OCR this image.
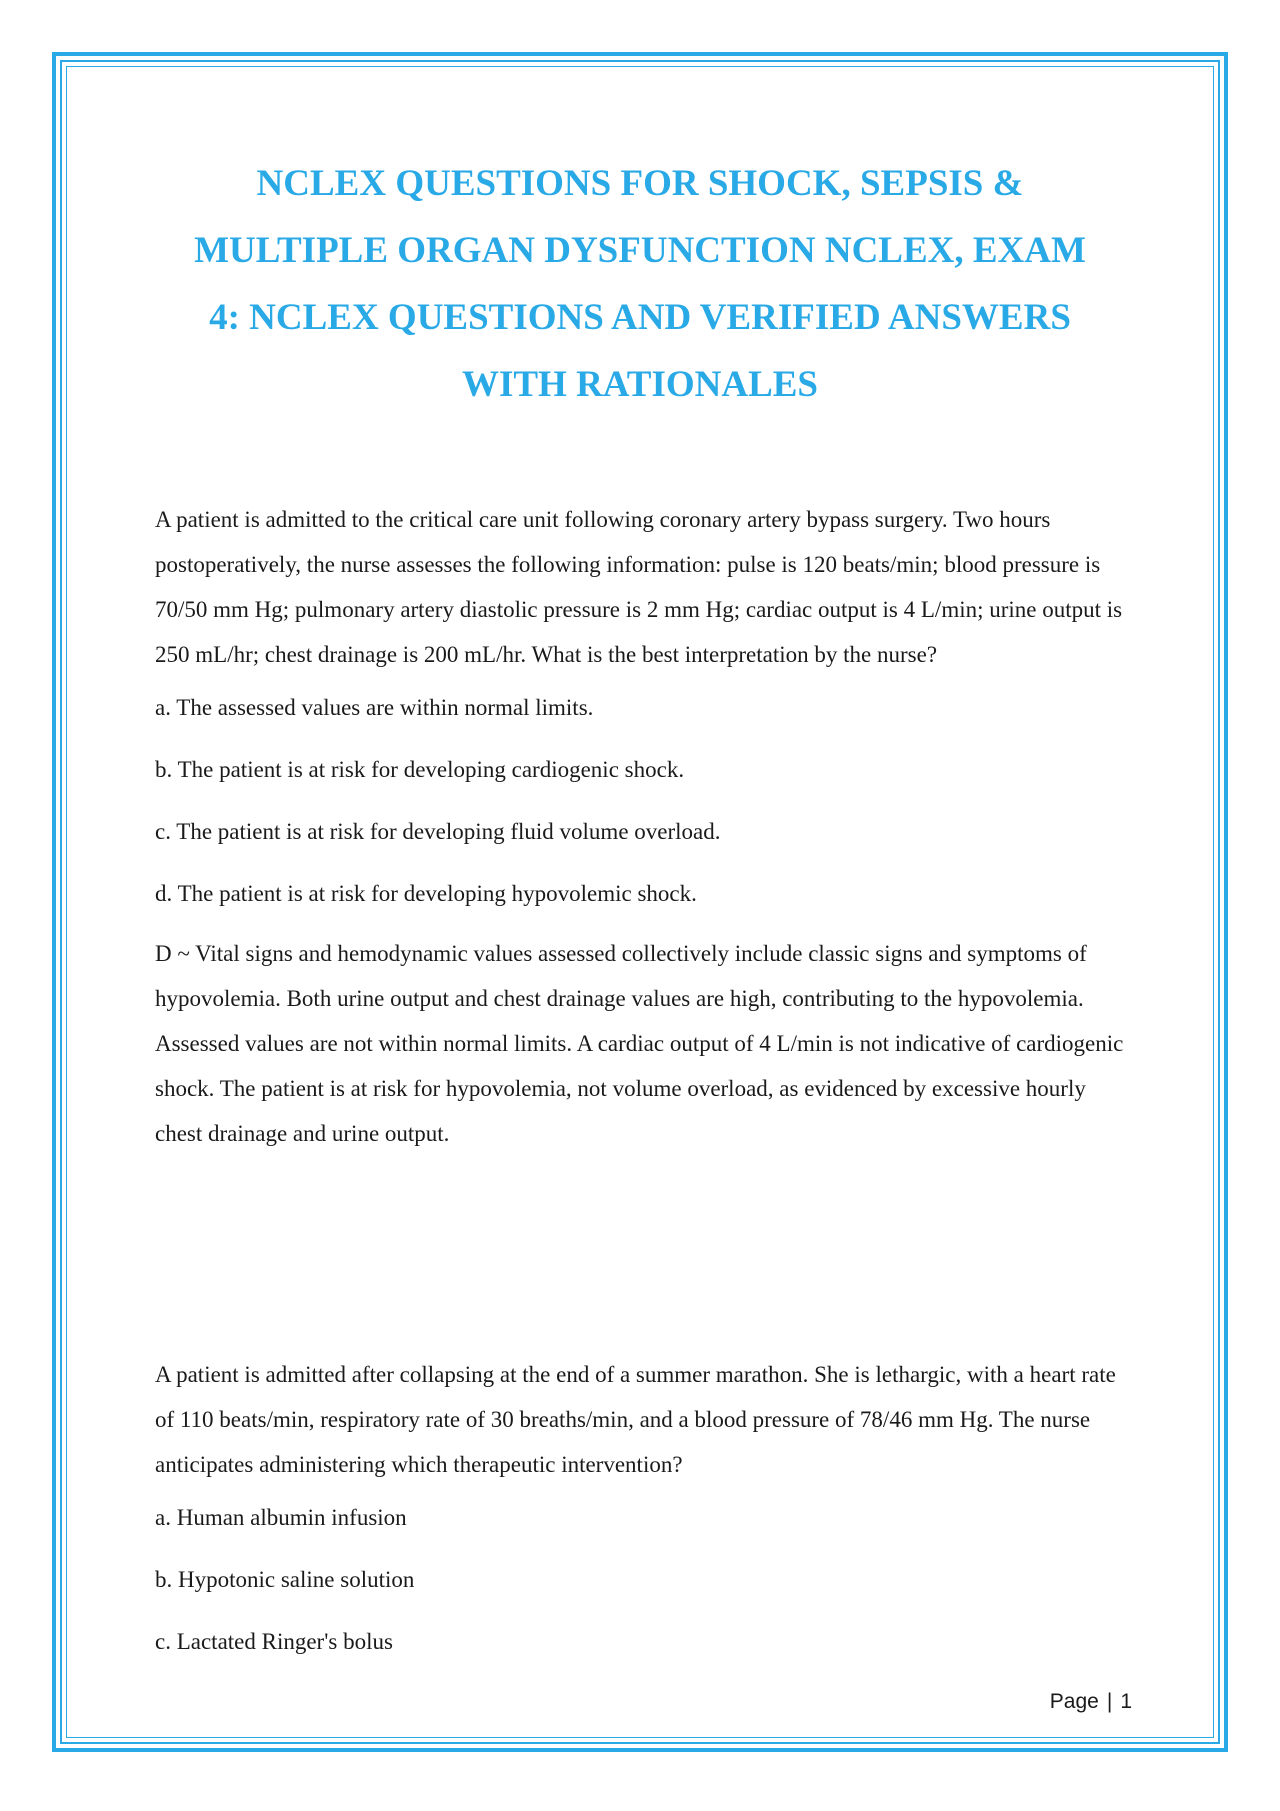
NCLEX QUESTIONS FOR SHOCK, SEPSIS &
MULTIPLE ORGAN DYSFUNCTION NCLEX, EXAM
4: NCLEX QUESTIONS AND VERIFIED ANSWERS
WITH RATIONALES

A patient is admitted to the critical care unit following coronary artery bypass surgery. Two hours postoperatively, the nurse assesses the following information: pulse is 120 beats/min; blood pressure is 70/50 mm Hg; pulmonary artery diastolic pressure is 2 mm Hg; cardiac output is 4 L/min; urine output is 250 mL/hr; chest drainage is 200 mL/hr. What is the best interpretation by the nurse?

a. The assessed values are within normal limits.

b. The patient is at risk for developing cardiogenic shock.

c. The patient is at risk for developing fluid volume overload.

d. The patient is at risk for developing hypovolemic shock.

D ~ Vital signs and hemodynamic values assessed collectively include classic signs and symptoms of hypovolemia. Both urine output and chest drainage values are high, contributing to the hypovolemia. Assessed values are not within normal limits. A cardiac output of 4 L/min is not indicative of cardiogenic shock. The patient is at risk for hypovolemia, not volume overload, as evidenced by excessive hourly chest drainage and urine output.

A patient is admitted after collapsing at the end of a summer marathon. She is lethargic, with a heart rate of 110 beats/min, respiratory rate of 30 breaths/min, and a blood pressure of 78/46 mm Hg. The nurse anticipates administering which therapeutic intervention?

a. Human albumin infusion

b. Hypotonic saline solution

c. Lactated Ringer's bolus

Page | 1
